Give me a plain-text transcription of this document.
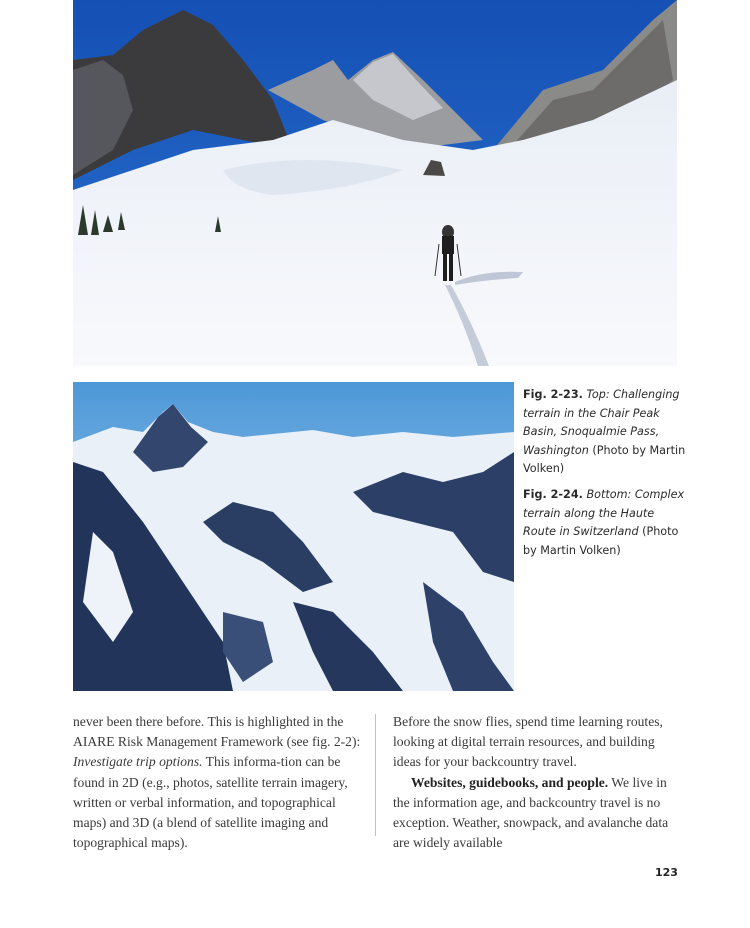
Fig. 2-23. Top: Challenging terrain in the Chair Peak Basin, Snoqualmie Pass, Washington (Photo by Martin Volken)
Fig. 2-24. Bottom: Complex terrain along the Haute Route in Switzerland (Photo by Martin Volken)

never been there before. This is highlighted in the AIARE Risk Management Framework (see fig. 2-2): Investigate trip options. This informa-tion can be found in 2D (e.g., photos, satellite terrain imagery, written or verbal information, and topographical maps) and 3D (a blend of satellite imaging and topographical maps).

Before the snow flies, spend time learning routes, looking at digital terrain resources, and building ideas for your backcountry travel.

Websites, guidebooks, and people. We live in the information age, and backcountry travel is no exception. Weather, snowpack, and avalanche data are widely available

123
